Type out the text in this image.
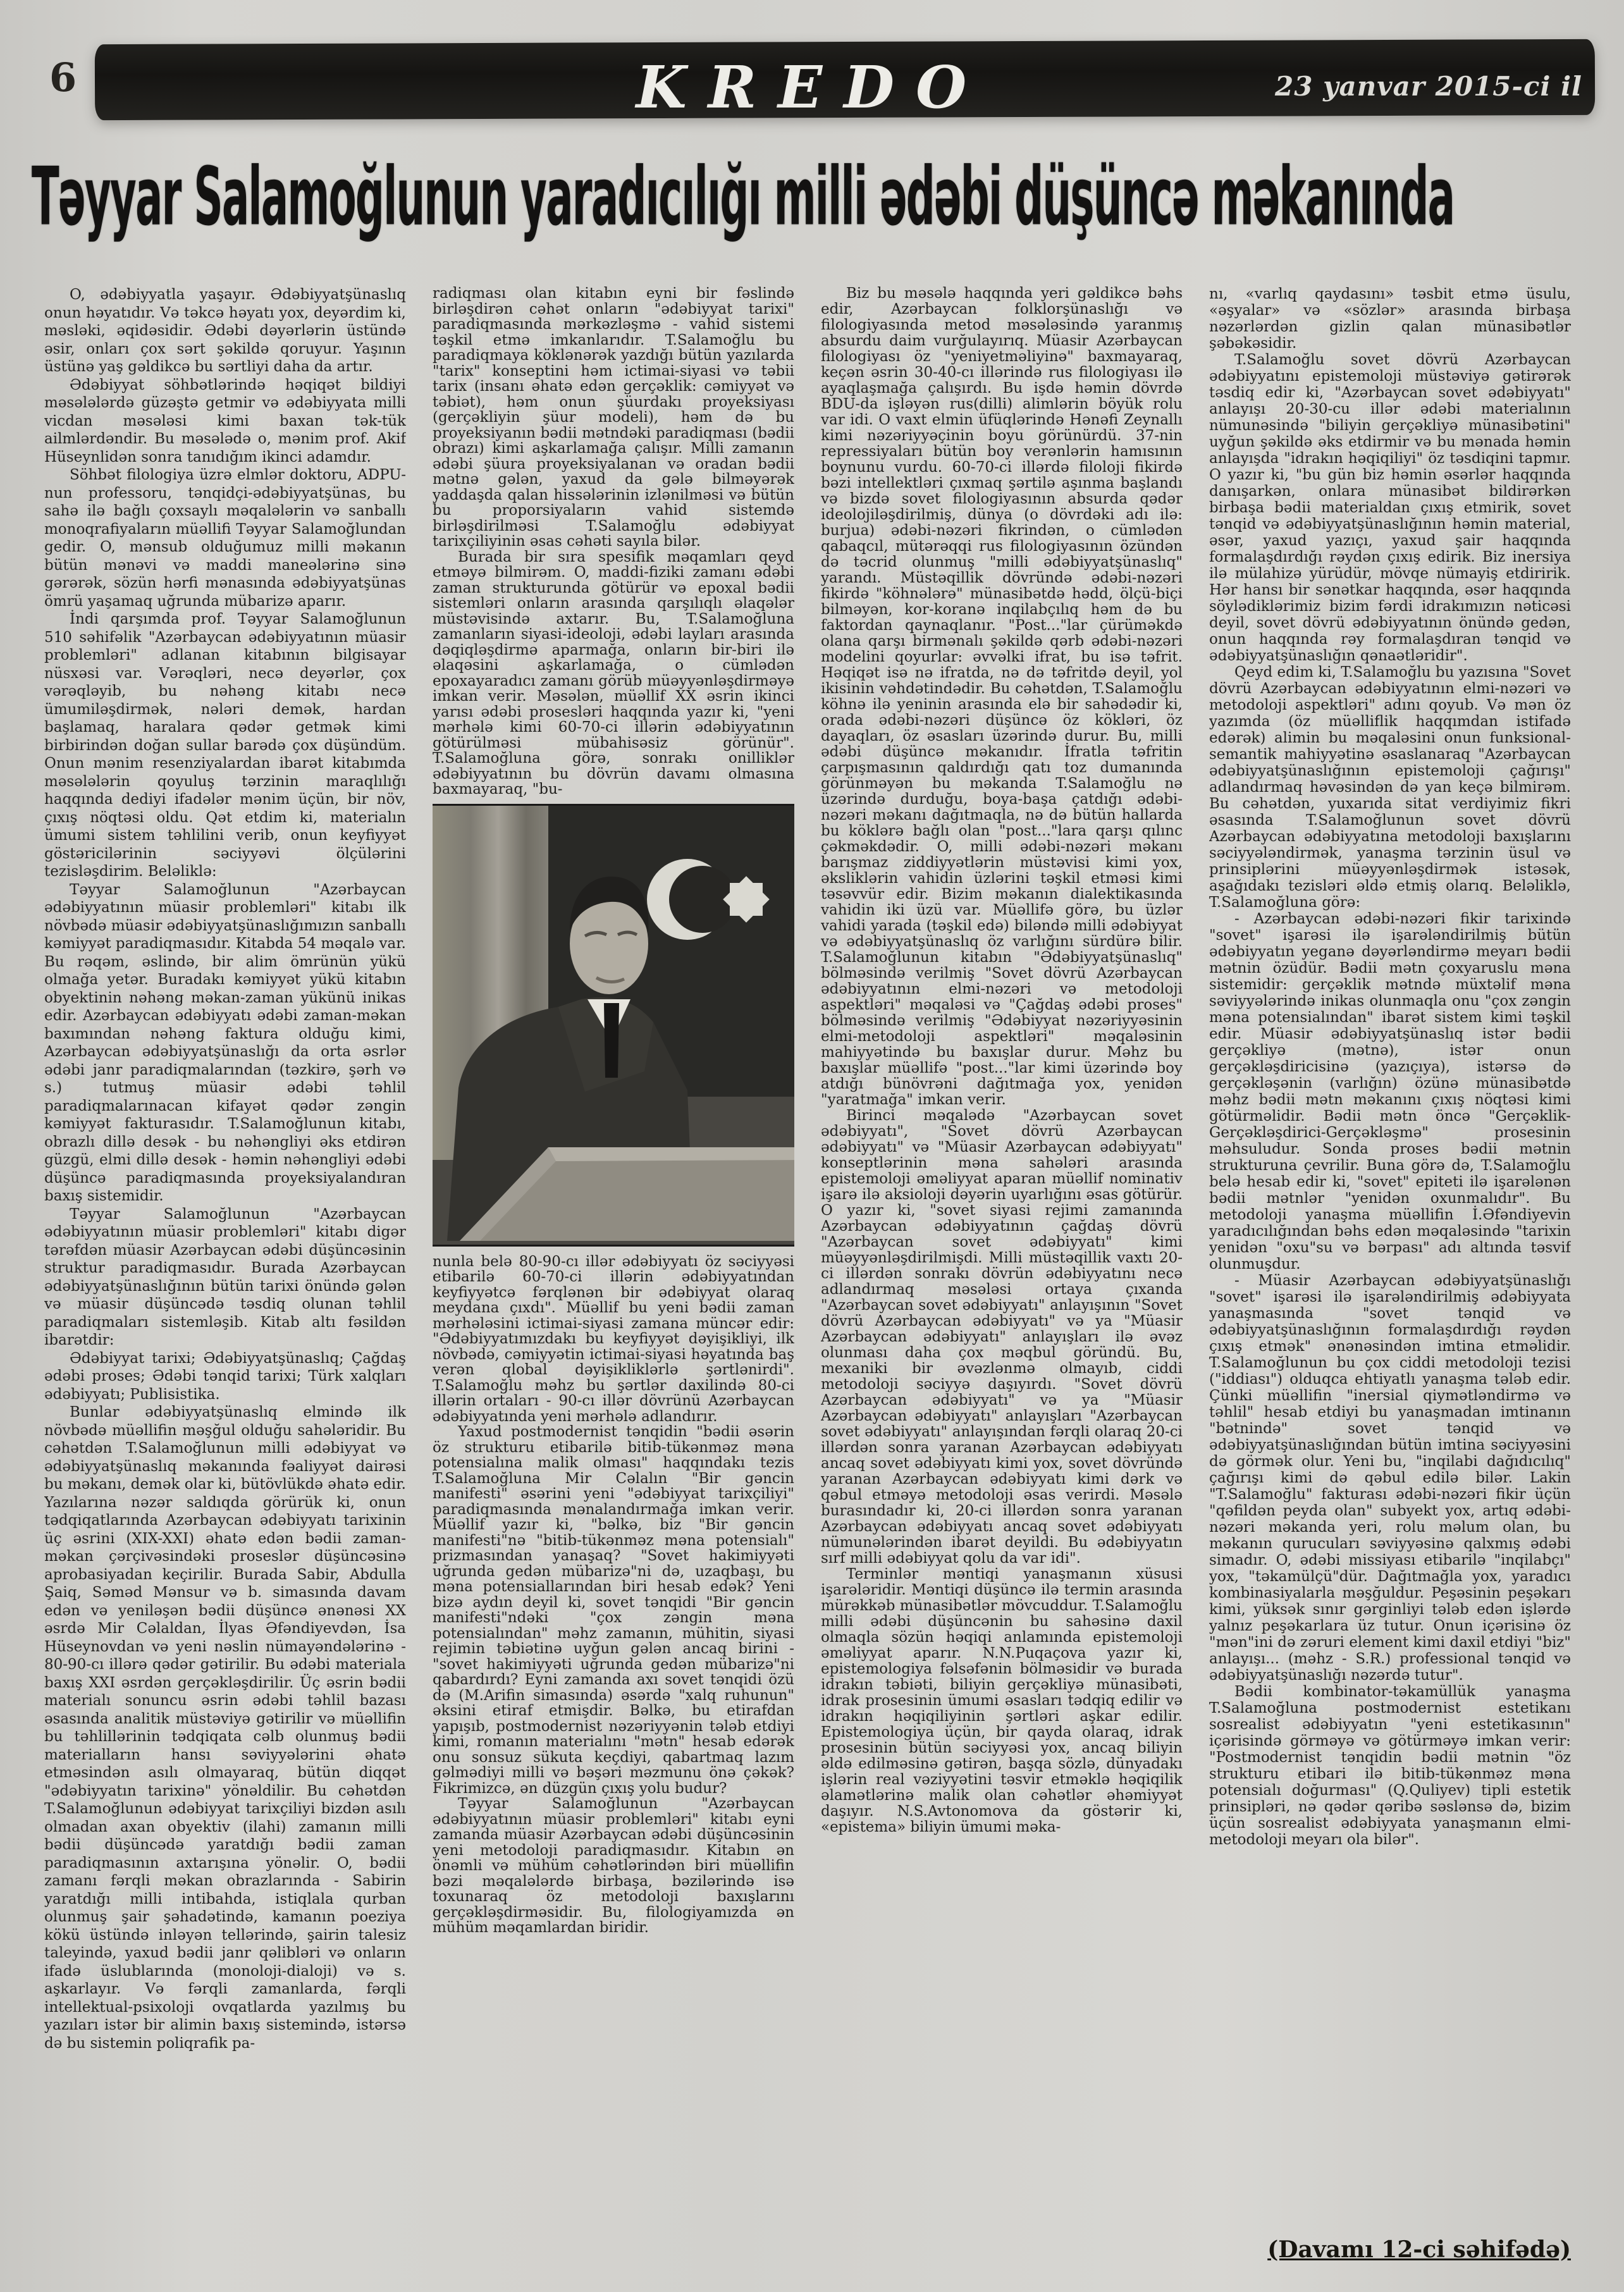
6	KREDO	23 yanvar 2015-ci il
Təyyar Salamoğlunun yaradıcılığı milli ədəbi düşüncə məkanında

O, ədəbiyyatla yaşayır. Ədəbiyyatşünaslıq onun həyatıdır. Və təkcə həyatı yox, deyərdim ki, məsləki, əqidəsidir. Ədəbi dəyərlərin üstündə əsir, onları çox sərt şəkildə qoruyur. Yaşının üstünə yaş gəldikcə bu sərtliyi daha da artır.

Ədəbiyyat söhbətlərində həqiqət bildiyi məsələlərdə güzəştə getmir və ədəbiyyata milli vicdan məsələsi kimi baxan tək-tük ailmlərdəndir. Bu məsələdə o, mənim prof. Akif Hüseynlidən sonra tanıdığım ikinci adamdır.

Söhbət filologiya üzrə elmlər doktoru, ADPU-nun professoru, tənqidçi-ədəbiyyatşünas, bu sahə ilə bağlı çoxsaylı məqalələrin və sanballı monoqrafiyaların müəllifi Təyyar Salamoğlundan gedir. O, mənsub olduğumuz milli məkanın bütün mənəvi və maddi maneələrinə sinə gərərək, sözün hərfi mənasında ədəbiyyatşünas ömrü yaşamaq uğrunda mübarizə aparır.

İndi qarşımda prof. Təyyar Salamoğlunun 510 səhifəlik "Azərbaycan ədəbiyyatının müasir problemləri" adlanan kitabının bilgisayar nüsxəsi var. Vərəqləri, necə deyərlər, çox vərəqləyib, bu nəhəng kitabı necə ümumiləşdirmək, nələri demək, hardan başlamaq, haralara qədər getmək kimi birbirindən doğan sullar barədə çox düşündüm. Onun mənim resenziyalardan ibarət kitabımda məsələlərin qoyuluş tərzinin maraqlılığı haqqında dediyi ifadələr mənim üçün, bir növ, çıxış nöqtəsi oldu. Qət etdim ki, materialın ümumi sistem təhlilini verib, onun keyfiyyət göstəricilərinin səciyyəvi ölçülərini tezisləşdirim. Beləliklə:

Təyyar Salamoğlunun "Azərbaycan ədəbiyyatının müasir problemləri" kitabı ilk növbədə müasir ədəbiyyatşünaslığımızın sanballı kəmiyyət paradiqmasıdır. Kitabda 54 məqalə var. Bu rəqəm, əslində, bir alim ömrünün yükü olmağa yetər. Buradakı kəmiyyət yükü kitabın obyektinin nəhəng məkan-zaman yükünü inikas edir. Azərbaycan ədəbiyyatı ədəbi zaman-məkan baxımından nəhəng faktura olduğu kimi, Azərbaycan ədəbiyyatşünaslığı da orta əsrlər ədəbi janr paradiqmalarından (təzkirə, şərh və s.) tutmuş müasir ədəbi təhlil paradiqmalarınacan kifayət qədər zəngin kəmiyyət fakturasıdır. T.Salamoğlunun kitabı, obrazlı dillə desək - bu nəhəngliyi əks etdirən güzgü, elmi dillə desək - həmin nəhəngliyi ədəbi düşüncə paradiqmasında proyeksiyalandıran baxış sistemidir.

Təyyar Salamoğlunun "Azərbaycan ədəbiyyatının müasir problemləri" kitabı digər tərəfdən müasir Azərbaycan ədəbi düşüncəsinin struktur paradiqmasıdır. Burada Azərbaycan ədəbiyyatşünaslığının bütün tarixi önündə gələn və müasir düşüncədə təsdiq olunan təhlil paradiqmaları sistemləşib. Kitab altı fəsildən ibarətdir:

Ədəbiyyat tarixi; Ədəbiyyatşünaslıq; Çağdaş ədəbi proses; Ədəbi tənqid tarixi; Türk xalqları ədəbiyyatı; Publisistika.

Bunlar ədəbiyyatşünaslıq elmində ilk növbədə müəllifin məşğul olduğu sahələridir. Bu cəhətdən T.Salamoğlunun milli ədəbiyyat və ədəbiyyatşünaslıq məkanında fəaliyyət dairəsi bu məkanı, demək olar ki, bütövlükdə əhatə edir. Yazılarına nəzər saldıqda görürük ki, onun tədqiqatlarında Azərbaycan ədəbiyyatı tarixinin üç əsrini (XIX-XXI) əhatə edən bədii zaman-məkan çərçivəsindəki proseslər düşüncəsinə aprobasiyadan keçirilir. Burada Sabir, Abdulla Şaiq, Səməd Mənsur və b. simasında davam edən və yeniləşən bədii düşüncə ənənəsi XX əsrdə Mir Cəlaldan, İlyas Əfəndiyevdən, İsa Hüseynovdan və yeni nəslin nümayəndələrinə - 80-90-cı illərə qədər gətirilir. Bu ədəbi materiala baxış XXI əsrdən gerçəkləşdirilir. Üç əsrin bədii materialı sonuncu əsrin ədəbi təhlil bazası əsasında analitik müstəviyə gətirilir və müəllifin bu təhlillərinin tədqiqata cəlb olunmuş bədii materialların hansı səviyyələrini əhatə etməsindən asılı olmayaraq, bütün diqqət "ədəbiyyatın tarixinə" yönəldilir. Bu cəhətdən T.Salamoğlunun ədəbiyyat tarixçiliyi bizdən asılı olmadan axan obyektiv (ilahi) zamanın milli bədii düşüncədə yaratdığı bədii zaman paradiqmasının axtarışına yönəlir. O, bədii zamanı fərqli məkan obrazlarında - Sabirin yaratdığı milli intibahda, istiqlala qurban olunmuş şair şəhadətində, kamanın poeziya kökü üstündə inləyən tellərində, şairin talesiz taleyində, yaxud bədii janr qəlibləri və onların ifadə üslublarında (monoloji-dialoji) və s. aşkarlayır. Və fərqli zamanlarda, fərqli intellektual-psixoloji ovqatlarda yazılmış bu yazıları istər bir alimin baxış sistemində, istərsə də bu sistemin poliqrafik pa-

radiqması olan kitabın eyni bir fəslində birləşdirən cəhət onların "ədəbiyyat tarixi" paradiqmasında mərkəzləşmə - vahid sistemi təşkil etmə imkanlarıdır. T.Salamoğlu bu paradiqmaya köklənərək yazdığı bütün yazılarda "tarix" konseptini həm ictimai-siyasi və təbii tarix (insanı əhatə edən gerçəklik: cəmiyyət və təbiət), həm onun şüurdakı proyeksiyası (gerçəkliyin şüur modeli), həm də bu proyeksiyanın bədii mətndəki paradiqması (bədii obrazı) kimi aşkarlamağa çalışır. Milli zamanın ədəbi şüura proyeksiyalanan və oradan bədii mətnə gələn, yaxud da gələ bilməyərək yaddaşda qalan hissələrinin izlənilməsi və bütün bu proporsiyaların vahid sistemdə birləşdirilməsi T.Salamoğlu ədəbiyyat tarixçiliyinin əsas cəhəti sayıla bilər.

Burada bir sıra spesifik məqamları qeyd etməyə bilmirəm. O, maddi-fiziki zamanı ədəbi zaman strukturunda götürür və epoxal bədii sistemləri onların arasında qarşılıqlı əlaqələr müstəvisində axtarır. Bu, T.Salamoğluna zamanların siyasi-ideoloji, ədəbi layları arasında dəqiqləşdirmə aparmağa, onların bir-biri ilə əlaqəsini aşkarlamağa, o cümlədən epoxayaradıcı zamanı görüb müəyyənləşdirməyə imkan verir. Məsələn, müəllif XX əsrin ikinci yarısı ədəbi prosesləri haqqında yazır ki, "yeni mərhələ kimi 60-70-ci illərin ədəbiyyatının götürülməsi mübahisəsiz görünür". T.Salamoğluna görə, sonrakı onilliklər ədəbiyyatının bu dövrün davamı olmasına baxmayaraq, "bu-

nunla belə 80-90-cı illər ədəbiyyatı öz səciyyəsi etibarilə 60-70-ci illərin ədəbiyyatından keyfiyyətcə fərqlənən bir ədəbiyyat olaraq meydana çıxdı". Müəllif bu yeni bədii zaman mərhələsini ictimai-siyasi zamana müncər edir: "Ədəbiyyatımızdakı bu keyfiyyət dəyişikliyi, ilk növbədə, cəmiyyətin ictimai-siyasi həyatında baş verən qlobal dəyişikliklərlə şərtlənirdi". T.Salamoğlu məhz bu şərtlər daxilində 80-ci illərin ortaları - 90-cı illər dövrünü Azərbaycan ədəbiyyatında yeni mərhələ adlandırır.

Yaxud postmodernist tənqidin "bədii əsərin öz strukturu etibarilə bitib-tükənməz məna potensialına malik olması" haqqındakı tezis T.Salamoğluna Mir Cəlalın "Bir gəncin manifesti" əsərini yeni "ədəbiyyat tarixçiliyi" paradiqmasında mənalandırmağa imkan verir. Müəllif yazır ki, "bəlkə, biz "Bir gəncin manifesti"nə "bitib-tükənməz məna potensialı" prizmasından yanaşaq? "Sovet hakimiyyəti uğrunda gedən mübarizə"ni də, uzaqbaşı, bu məna potensiallarından biri hesab edək? Yeni bizə aydın deyil ki, sovet tənqidi "Bir gəncin manifesti"ndəki "çox zəngin məna potensialından" məhz zamanın, mühitin, siyasi rejimin təbiətinə uyğun gələn ancaq birini - "sovet hakimiyyəti uğrunda gedən mübarizə"ni qabardırdı? Eyni zamanda axı sovet tənqidi özü də (M.Arifin simasında) əsərdə "xalq ruhunun" əksini etiraf etmişdir. Bəlkə, bu etirafdan yapışıb, postmodernist nəzəriyyənin tələb etdiyi kimi, romanın materialını "mətn" hesab edərək onu sonsuz sükuta keçdiyi, qabartmaq lazım gəlmədiyi milli və bəşəri məzmunu önə çəkək? Fikrimizcə, ən düzgün çıxış yolu budur?

Təyyar Salamoğlunun "Azərbaycan ədəbiyyatının müasir problemləri" kitabı eyni zamanda müasir Azərbaycan ədəbi düşüncəsinin yeni metodoloji paradiqmasıdır. Kitabın ən önəmli və mühüm cəhətlərindən biri müəllifin bəzi məqalələrdə birbaşa, bəzilərində isə toxunaraq öz metodoloji baxışlarını gerçəkləşdirməsidir. Bu, filologiyamızda ən mühüm məqamlardan biridir.

Biz bu məsələ haqqında yeri gəldikcə bəhs edir, Azərbaycan folklorşünaslığı və filologiyasında metod məsələsində yaranmış absurdu daim vurğulayırıq. Müasir Azərbaycan filologiyası öz "yeniyetməliyinə" baxmayaraq, keçən əsrin 30-40-cı illərində rus filologiyası ilə ayaqlaşmağa çalışırdı. Bu işdə həmin dövrdə BDU-da işləyən rus(dilli) alimlərin böyük rolu var idi. O vaxt elmin üfüqlərində Hənəfi Zeynallı kimi nəzəriyyəçinin boyu görünürdü. 37-nin repressiyaları bütün boy verənlərin hamısının boynunu vurdu. 60-70-ci illərdə filoloji fikirdə bəzi intellektləri çıxmaq şərtilə aşınma başlandı və bizdə sovet filologiyasının absurda qədər ideolojiləşdirilmiş, dünya (o dövrdəki adı ilə: burjua) ədəbi-nəzəri fikrindən, o cümlədən qabaqcıl, mütərəqqi rus filologiyasının özündən də təcrid olunmuş "milli ədəbiyyatşünaslıq" yarandı. Müstəqillik dövründə ədəbi-nəzəri fikirdə "köhnələrə" münasibətdə hədd, ölçü-biçi bilməyən, kor-koranə inqilabçılıq həm də bu faktordan qaynaqlanır. "Post..."lar çürüməkdə olana qarşı birmənalı şəkildə qərb ədəbi-nəzəri modelini qoyurlar: əvvəlki ifrat, bu isə təfrit. Həqiqət isə nə ifratda, nə də təfritdə deyil, yol ikisinin vəhdətindədir. Bu cəhətdən, T.Salamoğlu köhnə ilə yeninin arasında elə bir sahədədir ki, orada ədəbi-nəzəri düşüncə öz kökləri, öz dayaqları, öz əsasları üzərində durur. Bu, milli ədəbi düşüncə məkanıdır. İfratla təfritin çarpışmasının qaldırdığı qatı toz dumanında görünməyən bu məkanda T.Salamoğlu nə üzərində durduğu, boya-başa çatdığı ədəbi-nəzəri məkanı dağıtmaqla, nə də bütün hallarda bu köklərə bağlı olan "post..."lara qarşı qılınc çəkməkdədir. O, milli ədəbi-nəzəri məkanı barışmaz ziddiyyətlərin müstəvisi kimi yox, əksliklərin vahidin üzlərini təşkil etməsi kimi təsəvvür edir. Bizim məkanın dialektikasında vahidin iki üzü var. Müəllifə görə, bu üzlər vahidi yarada (təşkil edə) biləndə milli ədəbiyyat və ədəbiyyatşünaslıq öz varlığını sürdürə bilir. T.Salamoğlunun kitabın "Ədəbiyyatşünaslıq" bölməsində verilmiş "Sovet dövrü Azərbaycan ədəbiyyatının elmi-nəzəri və metodoloji aspektləri" məqaləsi və "Çağdaş ədəbi proses" bölməsində verilmiş "Ədəbiyyat nəzəriyyəsinin elmi-metodoloji aspektləri" məqaləsinin mahiyyətində bu baxışlar durur. Məhz bu baxışlar müəllifə "post..."lar kimi üzərində boy atdığı bünövrəni dağıtmağa yox, yenidən "yaratmağa" imkan verir.

Birinci məqalədə "Azərbaycan sovet ədəbiyyatı", "Sovet dövrü Azərbaycan ədəbiyyatı" və "Müasir Azərbaycan ədəbiyyatı" konseptlərinin məna sahələri arasında epistemoloji əməliyyat aparan müəllif nominativ işarə ilə aksioloji dəyərin uyarlığını əsas götürür. O yazır ki, "sovet siyasi rejimi zamanında Azərbaycan ədəbiyyatının çağdaş dövrü "Azərbaycan sovet ədəbiyyatı" kimi müəyyənləşdirilmişdi. Milli müstəqillik vaxtı 20-ci illərdən sonrakı dövrün ədəbiyyatını necə adlandırmaq məsələsi ortaya çıxanda "Azərbaycan sovet ədəbiyyatı" anlayışının "Sovet dövrü Azərbaycan ədəbiyyatı" və ya "Müasir Azərbaycan ədəbiyyatı" anlayışları ilə əvəz olunması daha çox məqbul göründü. Bu, mexaniki bir əvəzlənmə olmayıb, ciddi metodoloji səciyyə daşıyırdı. "Sovet dövrü Azərbaycan ədəbiyyatı" və ya "Müasir Azərbaycan ədəbiyyatı" anlayışları "Azərbaycan sovet ədəbiyyatı" anlayışından fərqli olaraq 20-ci illərdən sonra yaranan Azərbaycan ədəbiyyatı ancaq sovet ədəbiyyatı kimi yox, sovet dövründə yaranan Azərbaycan ədəbiyyatı kimi dərk və qəbul etməyə metodoloji əsas verirdi. Məsələ burasındadır ki, 20-ci illərdən sonra yaranan Azərbaycan ədəbiyyatı ancaq sovet ədəbiyyatı nümunələrindən ibarət deyildi. Bu ədəbiyyatın sırf milli ədəbiyyat qolu da var idi".

Terminlər məntiqi yanaşmanın xüsusi işarələridir. Məntiqi düşüncə ilə termin arasında mürəkkəb münasibətlər mövcuddur. T.Salamoğlu milli ədəbi düşüncənin bu sahəsinə daxil olmaqla sözün həqiqi anlamında epistemoloji əməliyyat aparır. N.N.Puqaçova yazır ki, epistemologiya fəlsəfənin bölməsidir və burada idrakın təbiəti, biliyin gerçəkliyə münasibəti, idrak prosesinin ümumi əsasları tədqiq edilir və idrakın həqiqiliyinin şərtləri aşkar edilir. Epistemologiya üçün, bir qayda olaraq, idrak prosesinin bütün səciyyəsi yox, ancaq biliyin əldə edilməsinə gətirən, başqa sözlə, dünyadakı işlərin real vəziyyətini təsvir etməklə həqiqilik əlamətlərinə malik olan cəhətlər əhəmiyyət daşıyır. N.S.Avtonomova da göstərir ki, «epistema» biliyin ümumi məka-

nı, «varlıq qaydasını» təsbit etmə üsulu, «əşyalar» və «sözlər» arasında birbaşa nəzərlərdən gizlin qalan münasibətlər şəbəkəsidir.

T.Salamoğlu sovet dövrü Azərbaycan ədəbiyyatını epistemoloji müstəviyə gətirərək təsdiq edir ki, "Azərbaycan sovet ədəbiyyatı" anlayışı 20-30-cu illər ədəbi materialının nümunəsində "biliyin gerçəkliyə münasibətini" uyğun şəkildə əks etdirmir və bu mənada həmin anlayışda "idrakın həqiqiliyi" öz təsdiqini tapmır. O yazır ki, "bu gün biz həmin əsərlər haqqında danışarkən, onlara münasibət bildirərkən birbaşa bədii materialdan çıxış etmirik, sovet tənqid və ədəbiyyatşünaslığının həmin material, əsər, yaxud yazıçı, yaxud şair haqqında formalaşdırdığı rəydən çıxış edirik. Biz inersiya ilə mülahizə yürüdür, mövqe nümayiş etdiririk. Hər hansı bir sənətkar haqqında, əsər haqqında söylədiklərimiz bizim fərdi idrakımızın nəticəsi deyil, sovet dövrü ədəbiyyatının önündə gedən, onun haqqında rəy formalaşdıran tənqid və ədəbiyyatşünaslığın qənaətləridir".

Qeyd edim ki, T.Salamoğlu bu yazısına "Sovet dövrü Azərbaycan ədəbiyyatının elmi-nəzəri və metodoloji aspektləri" adını qoyub. Və mən öz yazımda (öz müəlliflik haqqımdan istifadə edərək) alimin bu məqaləsini onun funksional-semantik mahiyyətinə əsaslanaraq "Azərbaycan ədəbiyyatşünaslığının epistemoloji çağırışı" adlandırmaq həvəsindən də yan keçə bilmirəm. Bu cəhətdən, yuxarıda sitat verdiyimiz fikri əsasında T.Salamoğlunun sovet dövrü Azərbaycan ədəbiyyatına metodoloji baxışlarını səciyyələndirmək, yanaşma tərzinin üsul və prinsiplərini müəyyənləşdirmək istəsək, aşağıdakı tezisləri əldə etmiş olarıq. Beləliklə, T.Salamoğluna görə:

- Azərbaycan ədəbi-nəzəri fikir tarixində "sovet" işarəsi ilə işarələndirilmiş bütün ədəbiyyatın yeganə dəyərləndirmə meyarı bədii mətnin özüdür. Bədii mətn çoxyaruslu məna sistemidir: gerçəklik mətndə müxtəlif məna səviyyələrində inikas olunmaqla onu "çox zəngin məna potensialından" ibarət sistem kimi təşkil edir. Müasir ədəbiyyatşünaslıq istər bədii gerçəkliyə (mətnə), istər onun gerçəkləşdiricisinə (yazıçıya), istərsə də gerçəkləşənin (varlığın) özünə münasibətdə məhz bədii mətn məkanını çıxış nöqtəsi kimi götürməlidir. Bədii mətn öncə "Gerçəklik-Gerçəkləşdirici-Gerçəkləşmə" prosesinin məhsuludur. Sonda proses bədii mətnin strukturuna çevrilir. Buna görə də, T.Salamoğlu belə hesab edir ki, "sovet" epiteti ilə işarələnən bədii mətnlər "yenidən oxunmalıdır". Bu metodoloji yanaşma müəllifin İ.Əfəndiyevin yaradıcılığından bəhs edən məqaləsində "tarixin yenidən "oxu"su və bərpası" adı altında təsvif olunmuşdur.

- Müasir Azərbaycan ədəbiyyatşünaslığı "sovet" işarəsi ilə işarələndirilmiş ədəbiyyata yanaşmasında "sovet tənqid və ədəbiyyatşünaslığının formalaşdırdığı rəydən çıxış etmək" ənənəsindən imtina etməlidir. T.Salamoğlunun bu çox ciddi metodoloji tezisi ("iddiası") olduqca ehtiyatlı yanaşma tələb edir. Çünki müəllifin "inersial qiymətləndirmə və təhlil" hesab etdiyi bu yanaşmadan imtinanın "bətnində" sovet tənqid və ədəbiyyatşünaslığından bütün imtina səciyyəsini də görmək olur. Yeni bu, "inqilabi dağıdıcılıq" çağırışı kimi də qəbul edilə bilər. Lakin "T.Salamoğlu" fakturası ədəbi-nəzəri fikir üçün "qəfildən peyda olan" subyekt yox, artıq ədəbi-nəzəri məkanda yeri, rolu məlum olan, bu məkanın qurucuları səviyyəsinə qalxmış ədəbi simadır. O, ədəbi missiyası etibarilə "inqilabçı" yox, "təkamülçü"dür. Dağıtmağla yox, yaradıcı kombinasiyalarla məşğuldur. Peşəsinin peşəkarı kimi, yüksək sınır gərginliyi tələb edən işlərdə yalnız peşəkarlara üz tutur. Onun içərisinə öz "mən"ini də zəruri element kimi daxil etdiyi "biz" anlayışı... (məhz - S.R.) professional tənqid və ədəbiyyatşünaslığı nəzərdə tutur".

Bədii kombinator-təkamüllük yanaşma T.Salamoğluna postmodernist estetikanı sosrealist ədəbiyyatın "yeni estetikasının" içərisində görməyə və götürməyə imkan verir: "Postmodernist tənqidin bədii mətnin "öz strukturu etibari ilə bitib-tükənməz məna potensialı doğurması" (Q.Quliyev) tipli estetik prinsipləri, nə qədər qəribə səslənsə də, bizim üçün sosrealist ədəbiyyata yanaşmanın elmi-metodoloji meyarı ola bilər".

(Davamı 12-ci səhifədə)
